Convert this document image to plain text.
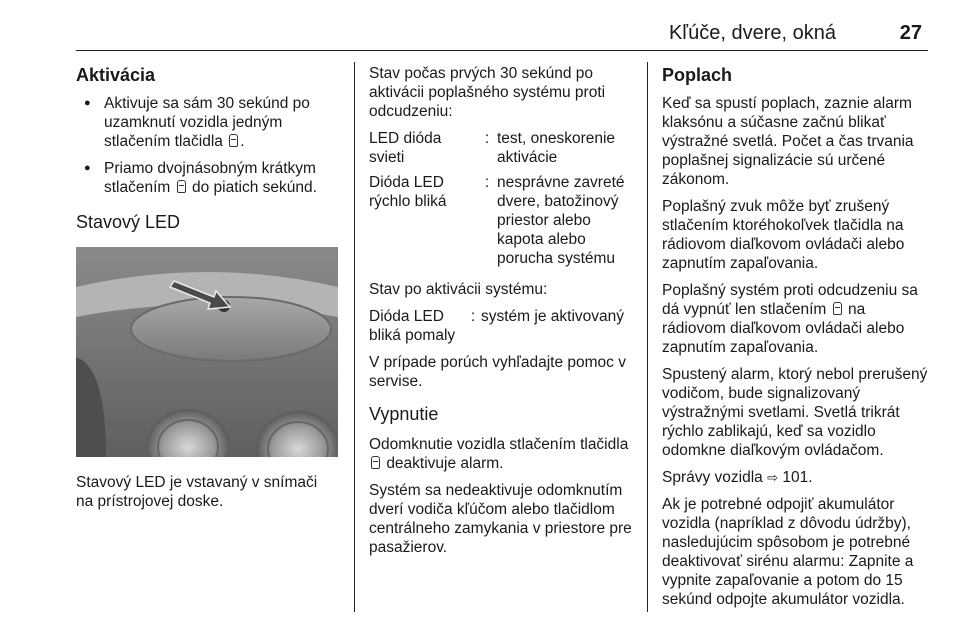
Kľúče, dvere, okná	27
Aktivácia
● Aktivuje sa sám 30 sekúnd po uzamknutí vozidla jedným stlačením tlačidla .
● Priamo dvojnásobným krátkym stlačením do piatich sekúnd.
Stavový LED

Stavový LED je vstavaný v snímači na prístrojovej doske.

Stav počas prvých 30 sekúnd po aktivácii poplašného systému proti odcudzeniu:

LED dióda svieti
: test, oneskorenie aktivácie
Dióda LED rýchlo bliká
: nesprávne zavreté dvere, batožinový priestor alebo kapota alebo porucha systému

Stav po aktivácii systému:

Dióda LED bliká pomaly
: systém je aktivovaný

V prípade porúch vyhľadajte pomoc v servise.

Vypnutie

Odomknutie vozidla stlačením tlačidla  deaktivuje alarm.

Systém sa nedeaktivuje odomknutím dverí vodiča kľúčom alebo tlačidlom centrálneho zamykania v priestore pre pasažierov.

Poplach

Keď sa spustí poplach, zaznie alarm klaksónu a súčasne začnú blikať výstražné svetlá. Počet a čas trvania poplašnej signalizácie sú určené zákonom.

Poplašný zvuk môže byť zrušený stlačením ktoréhokoľvek tlačidla na rádiovom diaľkovom ovládači alebo zapnutím zapaľovania.

Poplašný systém proti odcudzeniu sa dá vypnúť len stlačením na rádiovom diaľkovom ovládači alebo zapnutím zapaľovania.

Spustený alarm, ktorý nebol prerušený vodičom, bude signalizovaný výstražnými svetlami. Svetlá trikrát rýchlo zablikajú, keď sa vozidlo odomkne diaľkovým ovládačom.

Správy vozidla ⇨ 101.

Ak je potrebné odpojiť akumulátor vozidla (napríklad z dôvodu údržby), nasledujúcim spôsobom je potrebné deaktivovať sirénu alarmu: Zapnite a vypnite zapaľovanie a potom do 15 sekúnd odpojte akumulátor vozidla.
